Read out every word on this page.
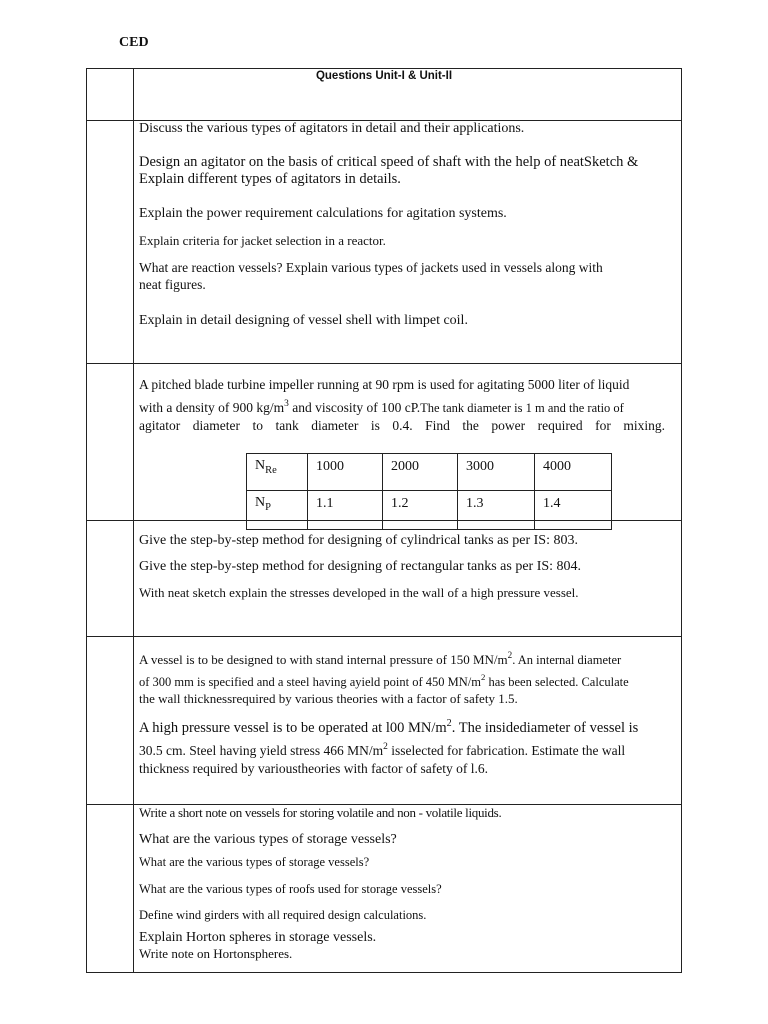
CED
Questions Unit-I & Unit-II
Discuss the various types of agitators in detail and their applications.
Design an agitator on the basis of critical speed of shaft with the help of neatSketch &
Explain different types of agitators in details.
Explain the power requirement calculations for agitation systems.
Explain criteria for jacket selection in a reactor.
What are reaction vessels? Explain various types of jackets used in vessels along with
neat figures.
Explain in detail designing of vessel shell with limpet coil.
A pitched blade turbine impeller running at 90 rpm is used for agitating 5000 liter of liquid
with a density of 900 $kg/m^3$ and viscosity of 100 cP.The tank diameter is 1 m and the ratio of
agitator diameter to tank diameter is 0.4. Find the power required for mixing.
$N_{Re}$	1000	2000	3000	4000
$N_P$	1.1	1.2	1.3	1.4
Give the step-by-step method for designing of cylindrical tanks as per IS: 803.
Give the step-by-step method for designing of rectangular tanks as per IS: 804.
With neat sketch explain the stresses developed in the wall of a high pressure vessel.
A vessel is to be designed to with stand internal pressure of 150 $MN/m^2$. An internal diameter
of 300 mm is specified and a steel having ayield point of 450 $MN/m^2$ has been selected. Calculate
the wall thicknessrequired by various theories with a factor of safety 1.5.
A high pressure vessel is to be operated at l00 $MN/m^2$. The insidediameter of vessel is
30.5 cm. Steel having yield stress 466 $MN/m^2$ isselected for fabrication. Estimate the wall
thickness required by varioustheories with factor of safety of l.6.
Write a short note on vessels for storing volatile and non - volatile liquids.
What are the various types of storage vessels?
What are the various types of storage vessels?
What are the various types of roofs used for storage vessels?
Define wind girders with all required design calculations.
Explain Horton spheres in storage vessels.
Write note on Hortonspheres.
